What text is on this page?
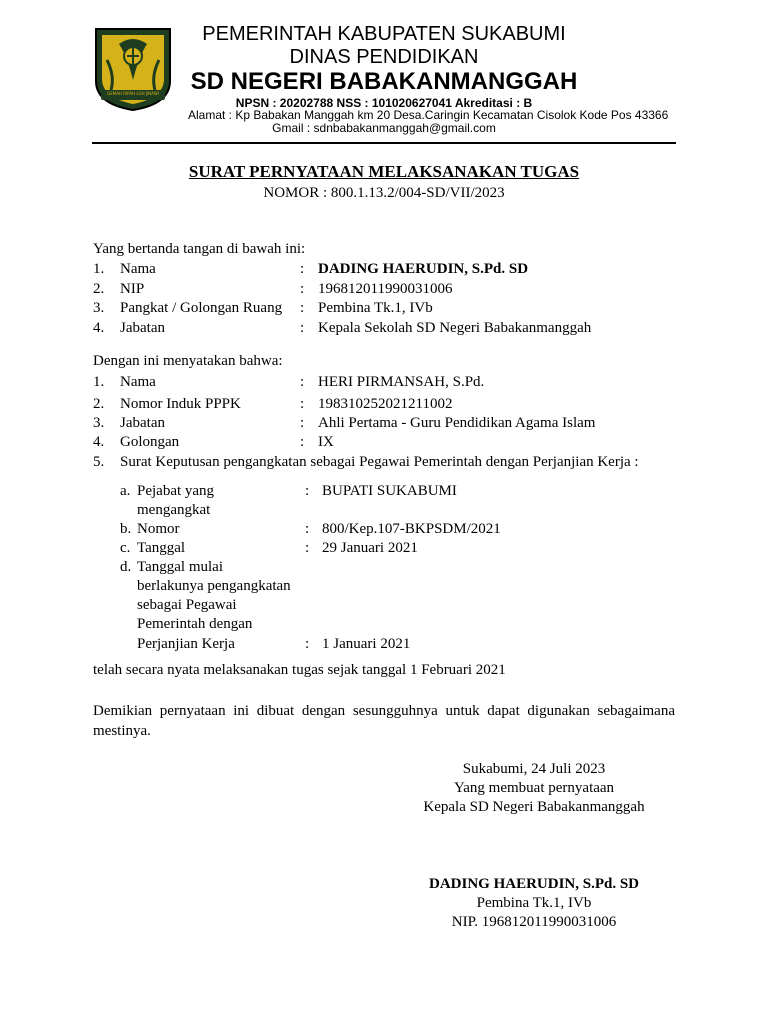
GEMAH RIPAH LOH JINAWI
PEMERINTAH KABUPATEN SUKABUMI
DINAS PENDIDIKAN
SD NEGERI BABAKANMANGGAH
NPSN : 20202788 NSS : 101020627041 Akreditasi : B
Alamat : Kp Babakan Manggah km 20 Desa.Caringin Kecamatan Cisolok Kode Pos 43366
Gmail : sdnbabakanmanggah@gmail.com
SURAT PERNYATAAN MELAKSANAKAN TUGAS
NOMOR : 800.1.13.2/004-SD/VII/2023
Yang bertanda tangan di bawah ini:
1. Nama	: DADING HAERUDIN, S.Pd. SD
2. NIP	: 196812011990031006
3. Pangkat / Golongan Ruang : Pembina Tk.1, IVb
4. Jabatan	: Kepala Sekolah SD Negeri Babakanmanggah
Dengan ini menyatakan bahwa:
1. Nama	: HERI PIRMANSAH, S.Pd.
2. Nomor Induk PPPK	: 198310252021211002
3. Jabatan	: Ahli Pertama - Guru Pendidikan Agama Islam
4. Golongan	: IX
5. Surat Keputusan pengangkatan sebagai Pegawai Pemerintah dengan Perjanjian Kerja :
a. Pejabat yang
mengangkat
: BUPATI SUKABUMI
b. Nomor	: 800/Kep.107-BKPSDM/2021
c. Tanggal	: 29 Januari 2021
d. Tanggal mulai
berlakunya pengangkatan
sebagai Pegawai
Pemerintah dengan
Perjanjian Kerja	: 1 Januari 2021
telah secara nyata melaksanakan tugas sejak tanggal 1 Februari 2021
Demikian pernyataan ini dibuat dengan sesungguhnya untuk dapat digunakan sebagaimana mestinya.
Sukabumi, 24 Juli 2023
Yang membuat pernyataan
Kepala SD Negeri Babakanmanggah
DADING HAERUDIN, S.Pd. SD
Pembina Tk.1, IVb
NIP. 196812011990031006
